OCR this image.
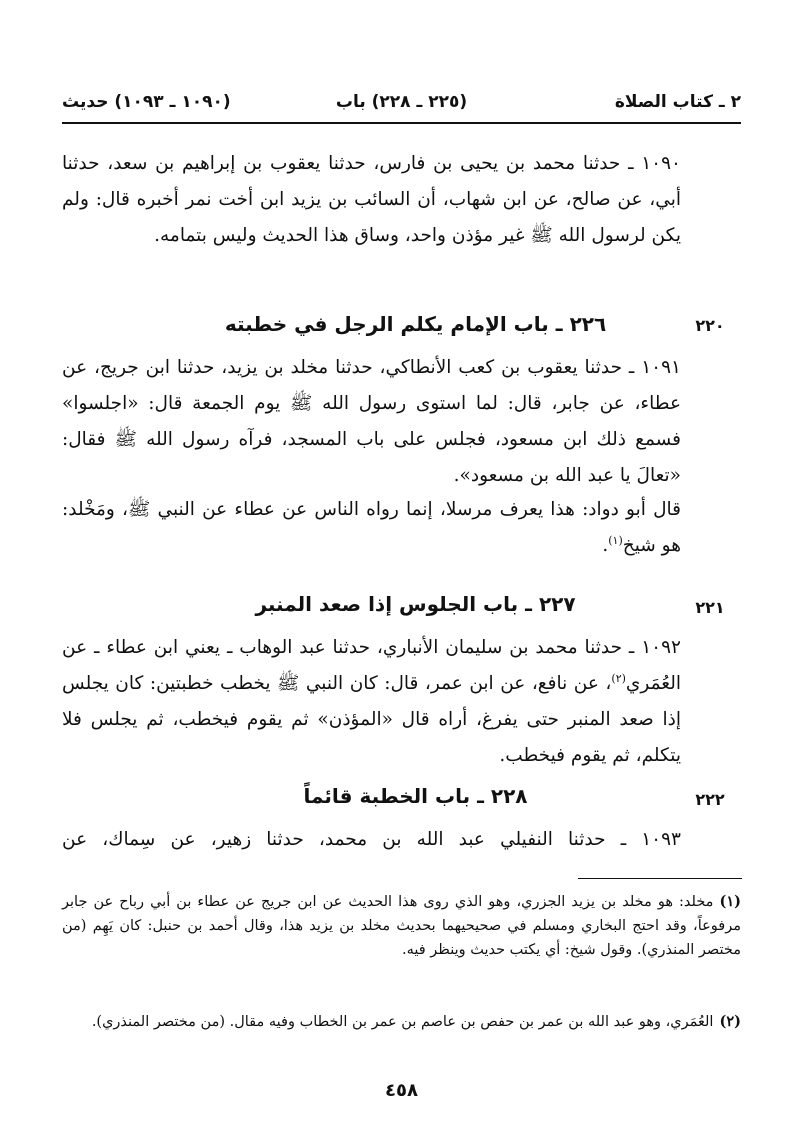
٢ ـ كتاب الصلاة
(٢٢٥ ـ ٢٢٨) باب
(١٠٩٠ ـ ١٠٩٣) حديث
١٠٩٠ ـ حدثنا محمد بن يحيى بن فارس، حدثنا يعقوب بن إبراهيم بن سعد، حدثنا أبي، عن صالح، عن ابن شهاب، أن السائب بن يزيد ابن أخت نمر أخبره قال: ولم يكن لرسول الله ﷺ غير مؤذن واحد، وساق هذا الحديث وليس بتمامه.
٢٢٠
٢٢٦ ـ باب الإمام يكلم الرجل في خطبته
١٠٩١ ـ حدثنا يعقوب بن كعب الأنطاكي، حدثنا مخلد بن يزيد، حدثنا ابن جريج، عن عطاء، عن جابر، قال: لما استوى رسول الله ﷺ يوم الجمعة قال: «اجلسوا» فسمع ذلك ابن مسعود، فجلس على باب المسجد، فرآه رسول الله ﷺ فقال: «تعالَ يا عبد الله بن مسعود».
قال أبو دواد: هذا يعرف مرسلا، إنما رواه الناس عن عطاء عن النبي ﷺ، ومَخْلد: هو شيخ$^{(١)}$.
٢٢١
٢٢٧ ـ باب الجلوس إذا صعد المنبر
١٠٩٢ ـ حدثنا محمد بن سليمان الأنباري، حدثنا عبد الوهاب ـ يعني ابن عطاء ـ عن العُمَري$^{(٢)}$، عن نافع، عن ابن عمر، قال: كان النبي ﷺ يخطب خطبتين: كان يجلس إذا صعد المنبر حتى يفرغ، أراه قال «المؤذن» ثم يقوم فيخطب، ثم يجلس فلا يتكلم، ثم يقوم فيخطب.
٢٢٢
٢٢٨ ـ باب الخطبة قائماً
١٠٩٣ ـ حدثنا النفيلي عبد الله بن محمد، حدثنا زهير، عن سِماك، عن
(١)مخلد: هو مخلد بن يزيد الجزري، وهو الذي روى هذا الحديث عن ابن جريج عن عطاء بن أبي رباح عن جابر مرفوعاً، وقد احتج البخاري ومسلم في صحيحيهما بحديث مخلد بن يزيد هذا، وقال أحمد بن حنبل: كان يَهِم (من مختصر المنذري). وقول شيخ: أي يكتب حديث وينظر فيه.
(٢)العُمَري، وهو عبد الله بن عمر بن حفص بن عاصم بن عمر بن الخطاب وفيه مقال. (من مختصر المنذري).
٤٥٨
